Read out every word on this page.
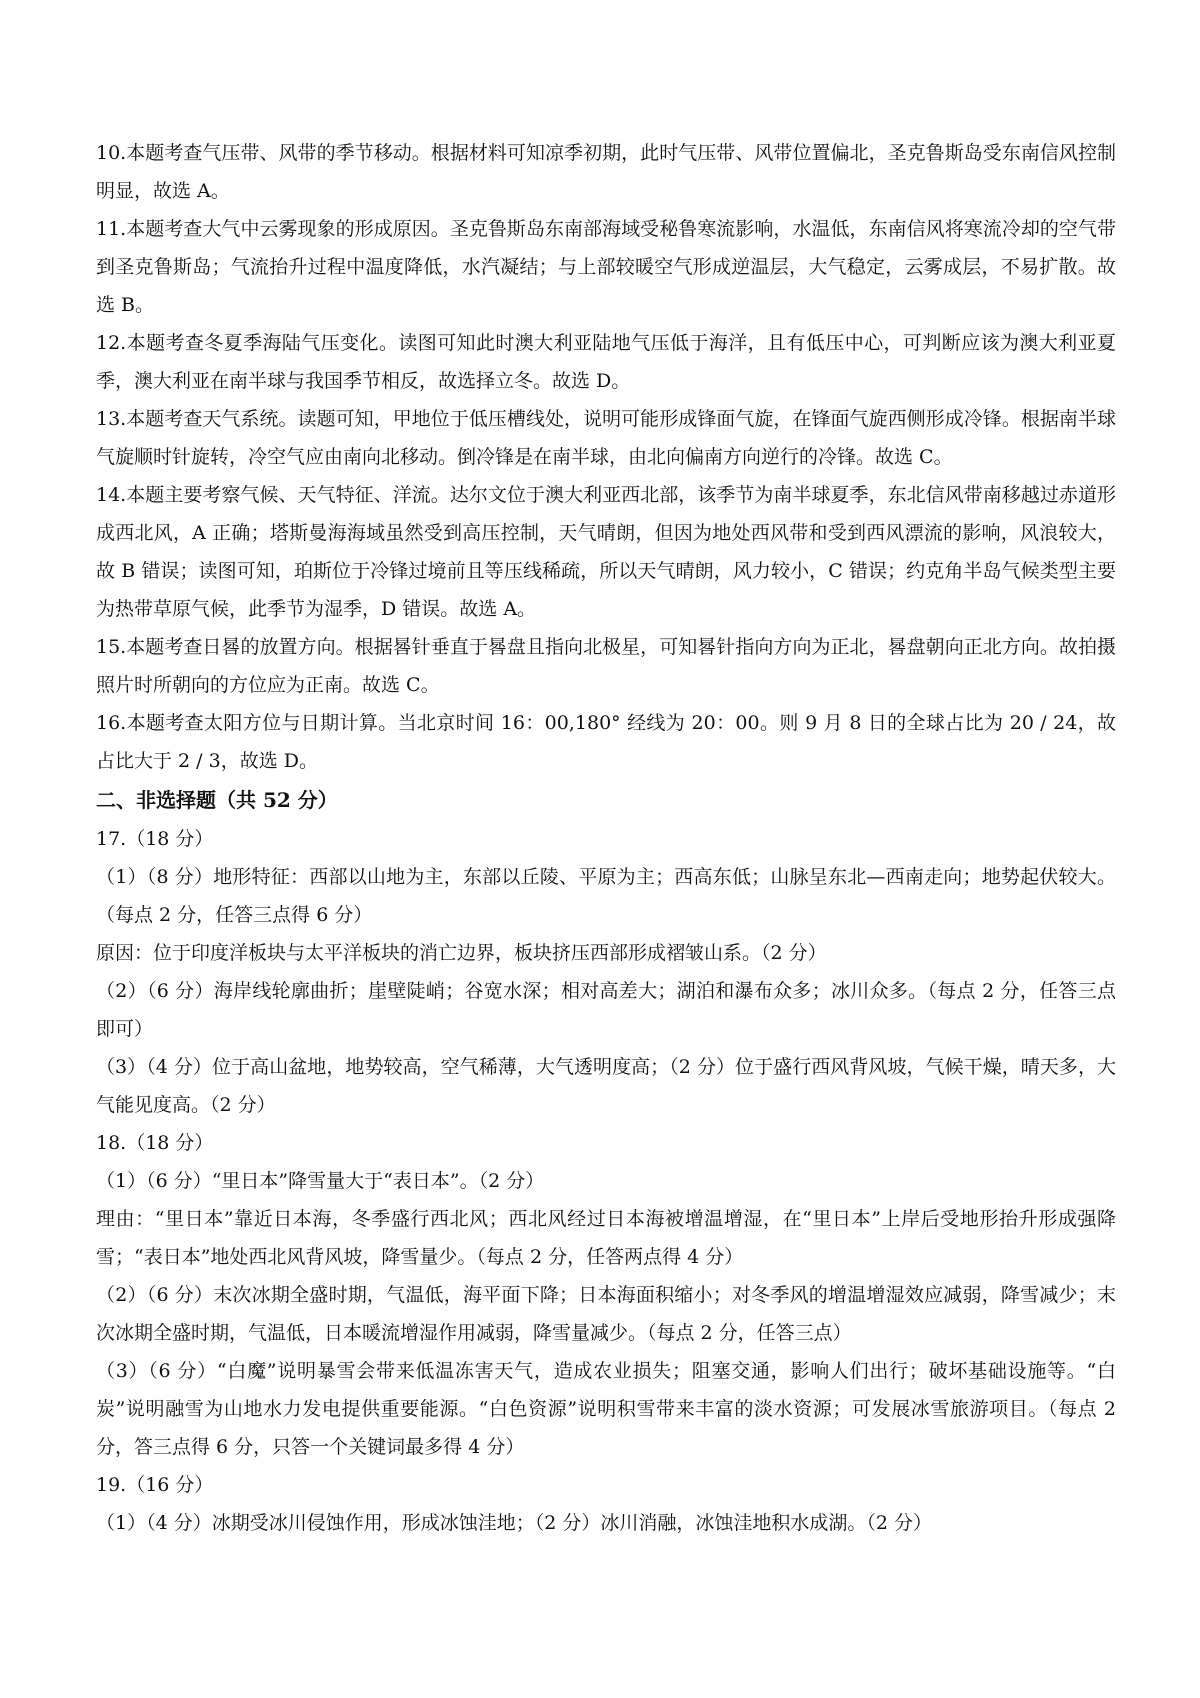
10.本题考查气压带、风带的季节移动。根据材料可知凉季初期，此时气压带、风带位置偏北，圣克鲁斯岛受东南信风控制明显，故选 A。

11.本题考查大气中云雾现象的形成原因。圣克鲁斯岛东南部海域受秘鲁寒流影响，水温低，东南信风将寒流冷却的空气带到圣克鲁斯岛；气流抬升过程中温度降低，水汽凝结；与上部较暖空气形成逆温层，大气稳定，云雾成层，不易扩散。故选 B。

12.本题考查冬夏季海陆气压变化。读图可知此时澳大利亚陆地气压低于海洋，且有低压中心，可判断应该为澳大利亚夏季，澳大利亚在南半球与我国季节相反，故选择立冬。故选 D。

13.本题考查天气系统。读题可知，甲地位于低压槽线处，说明可能形成锋面气旋，在锋面气旋西侧形成冷锋。根据南半球气旋顺时针旋转，冷空气应由南向北移动。倒冷锋是在南半球，由北向偏南方向逆行的冷锋。故选 C。

14.本题主要考察气候、天气特征、洋流。达尔文位于澳大利亚西北部，该季节为南半球夏季，东北信风带南移越过赤道形成西北风，A 正确；塔斯曼海海域虽然受到高压控制，天气晴朗，但因为地处西风带和受到西风漂流的影响，风浪较大，故 B 错误；读图可知，珀斯位于冷锋过境前且等压线稀疏，所以天气晴朗，风力较小，C 错误；约克角半岛气候类型主要为热带草原气候，此季节为湿季，D 错误。故选 A。

15.本题考查日晷的放置方向。根据晷针垂直于晷盘且指向北极星，可知晷针指向方向为正北，晷盘朝向正北方向。故拍摄照片时所朝向的方位应为正南。故选 C。

16.本题考查太阳方位与日期计算。当北京时间 16：00,180° 经线为 20：00。则 9 月 8 日的全球占比为 20 / 24，故占比大于 2 / 3，故选 D。

二、非选择题（共 52 分）

17.（18 分）

（1）（8 分）地形特征：西部以山地为主，东部以丘陵、平原为主；西高东低；山脉呈东北—西南走向；地势起伏较大。（每点 2 分，任答三点得 6 分）

原因：位于印度洋板块与太平洋板块的消亡边界，板块挤压西部形成褶皱山系。（2 分）

（2）（6 分）海岸线轮廓曲折；崖壁陡峭；谷宽水深；相对高差大；湖泊和瀑布众多；冰川众多。（每点 2 分，任答三点即可）

（3）（4 分）位于高山盆地，地势较高，空气稀薄，大气透明度高；（2 分）位于盛行西风背风坡，气候干燥，晴天多，大气能见度高。（2 分）

18.（18 分）

（1）（6 分）“里日本”降雪量大于“表日本”。（2 分）

理由：“里日本”靠近日本海，冬季盛行西北风；西北风经过日本海被增温增湿，在“里日本”上岸后受地形抬升形成强降雪；“表日本”地处西北风背风坡，降雪量少。（每点 2 分，任答两点得 4 分）

（2）（6 分）末次冰期全盛时期，气温低，海平面下降；日本海面积缩小；对冬季风的增温增湿效应减弱，降雪减少；末次冰期全盛时期，气温低，日本暖流增湿作用减弱，降雪量减少。（每点 2 分，任答三点）

（3）（6 分）“白魔”说明暴雪会带来低温冻害天气，造成农业损失；阻塞交通，影响人们出行；破坏基础设施等。“白炭”说明融雪为山地水力发电提供重要能源。“白色资源”说明积雪带来丰富的淡水资源；可发展冰雪旅游项目。（每点 2 分，答三点得 6 分，只答一个关键词最多得 4 分）

19.（16 分）

（1）（4 分）冰期受冰川侵蚀作用，形成冰蚀洼地；（2 分）冰川消融，冰蚀洼地积水成湖。（2 分）
